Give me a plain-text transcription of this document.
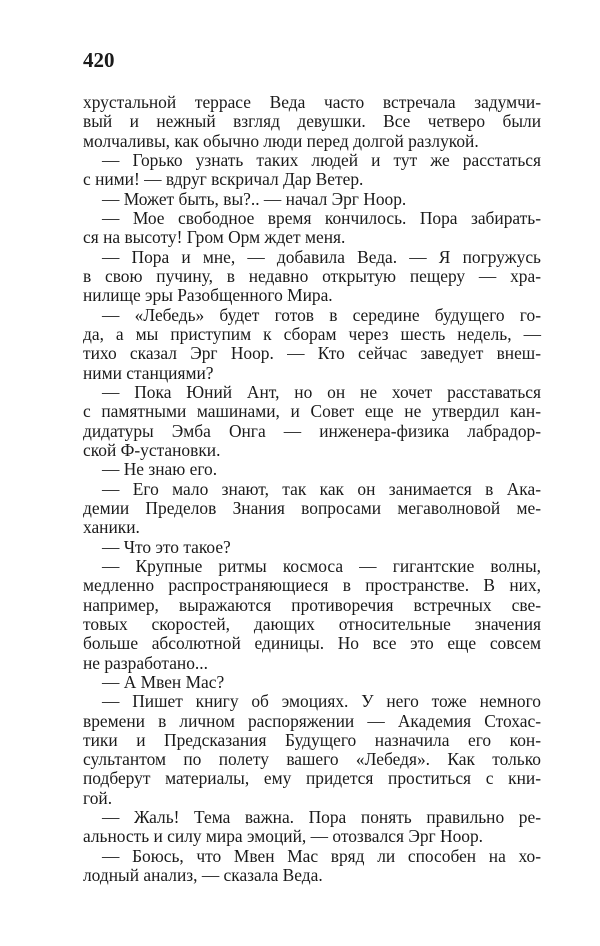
420
хрустальной террасе Веда часто встречала задумчи-
вый и нежный взгляд девушки. Все четверо были
молчаливы, как обычно люди перед долгой разлукой.
— Горько узнать таких людей и тут же расстаться
с ними! — вдруг вскричал Дар Ветер.
— Может быть, вы?.. — начал Эрг Ноор.
— Мое свободное время кончилось. Пора забирать-
ся на высоту! Гром Орм ждет меня.
— Пора и мне, — добавила Веда. — Я погружусь
в свою пучину, в недавно открытую пещеру — хра-
нилище эры Разобщенного Мира.
— «Лебедь» будет готов в середине будущего го-
да, а мы приступим к сборам через шесть недель, —
тихо сказал Эрг Ноор. — Кто сейчас заведует внеш-
ними станциями?
— Пока Юний Ант, но он не хочет расставаться
с памятными машинами, и Совет еще не утвердил кан-
дидатуры Эмба Онга — инженера-физика лабрадор-
ской Ф-установки.
— Не знаю его.
— Его мало знают, так как он занимается в Ака-
демии Пределов Знания вопросами мегаволновой ме-
ханики.
— Что это такое?
— Крупные ритмы космоса — гигантские волны,
медленно распространяющиеся в пространстве. В них,
например, выражаются противоречия встречных све-
товых скоростей, дающих относительные значения
больше абсолютной единицы. Но все это еще совсем
не разработано...
— А Мвен Мас?
— Пишет книгу об эмоциях. У него тоже немного
времени в личном распоряжении — Академия Стохас-
тики и Предсказания Будущего назначила его кон-
сультантом по полету вашего «Лебедя». Как только
подберут материалы, ему придется проститься с кни-
гой.
— Жаль! Тема важна. Пора понять правильно ре-
альность и силу мира эмоций, — отозвался Эрг Ноор.
— Боюсь, что Мвен Мас вряд ли способен на хо-
лодный анализ, — сказала Веда.
